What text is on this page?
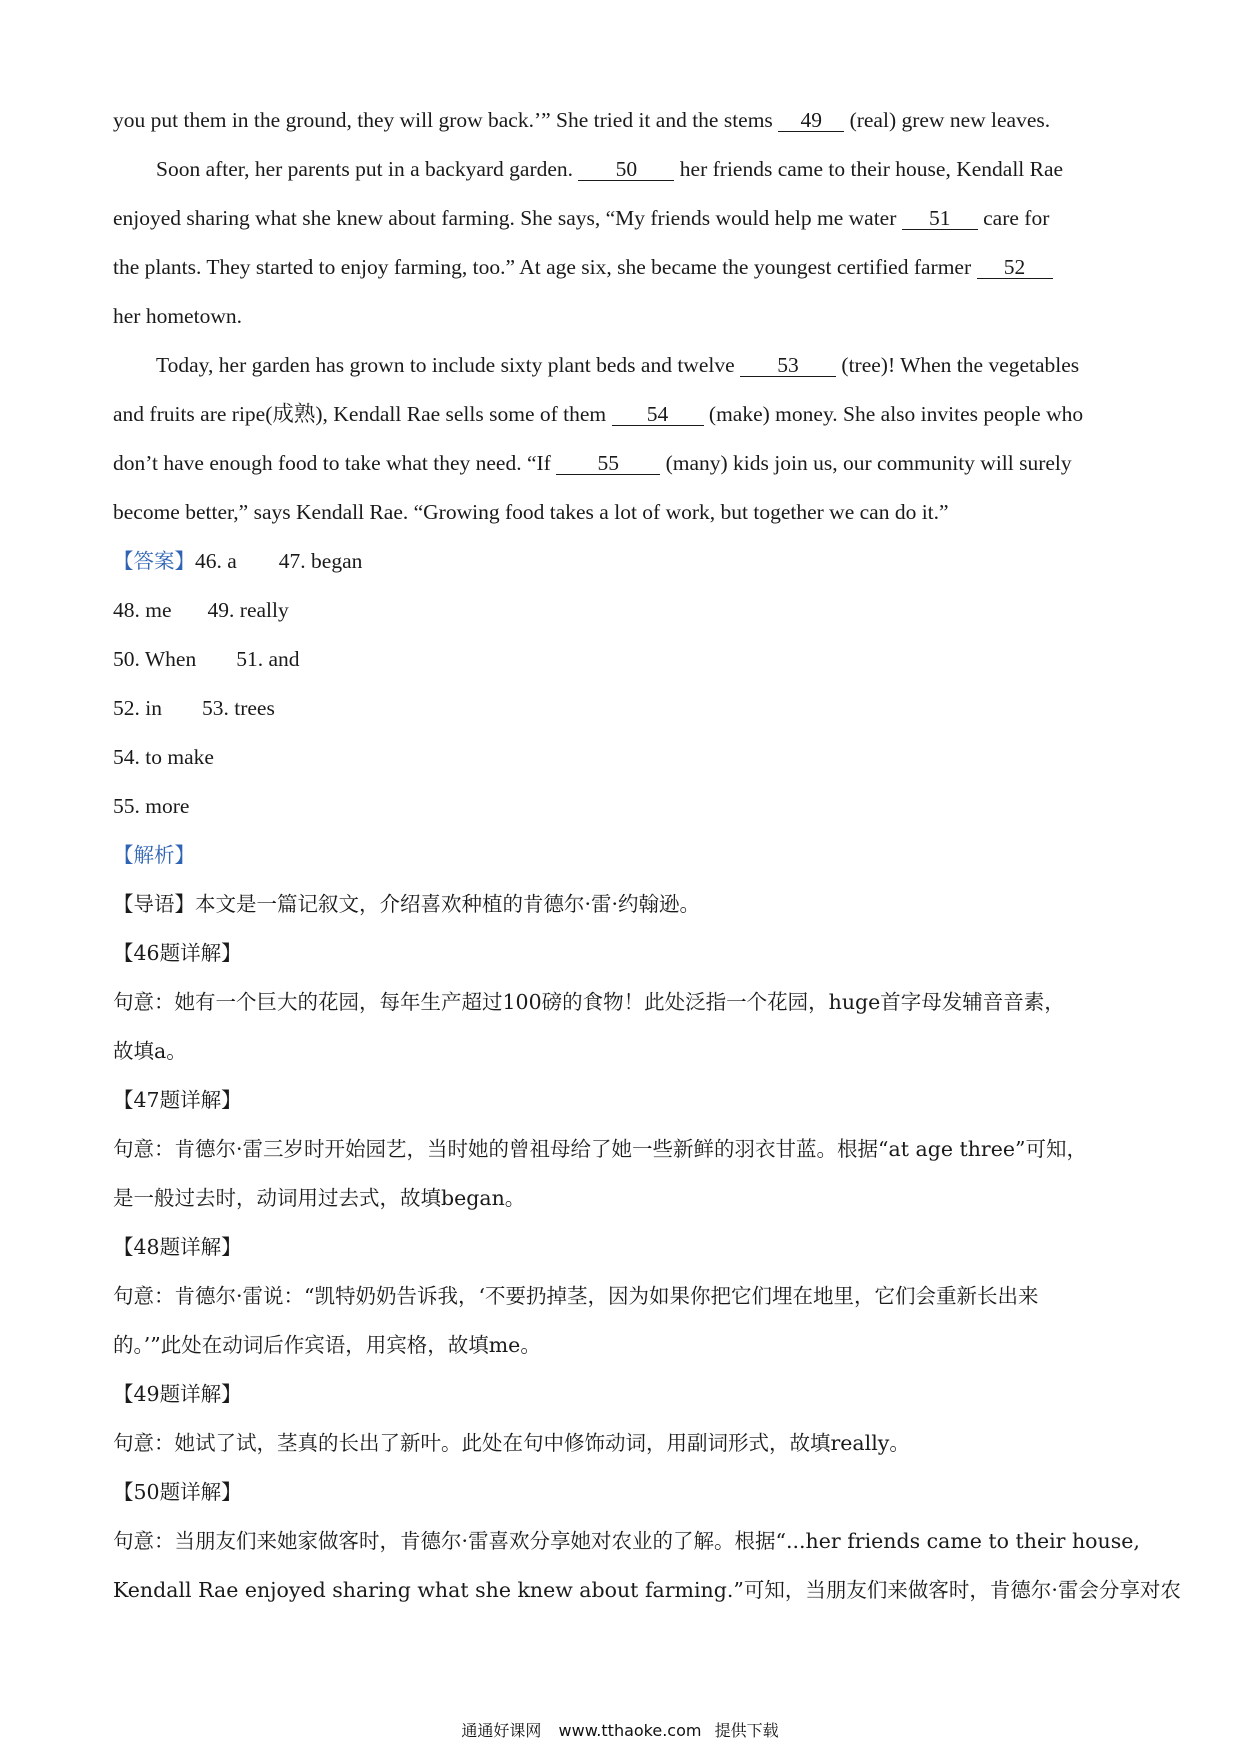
you put them in the ground, they will grow back.’” She tried it and the stems 49 (real) grew new leaves.
Soon after, her parents put in a backyard garden. 50 her friends came to their house, Kendall Rae
enjoyed sharing what she knew about farming. She says, “My friends would help me water 51 care for
the plants. They started to enjoy farming, too.” At age six, she became the youngest certified farmer 52
her hometown.
Today, her garden has grown to include sixty plant beds and twelve 53 (tree)! When the vegetables
and fruits are ripe(成熟), Kendall Rae sells some of them 54 (make) money. She also invites people who
don’t have enough food to take what they need. “If 55 (many) kids join us, our community will surely
become better,” says Kendall Rae. “Growing food takes a lot of work, but together we can do it.”
【答案】46. a 47. began
48. me 49. really
50. When 51. and
52. in 53. trees
54. to make
55. more
【解析】
【导语】本文是一篇记叙文，介绍喜欢种植的肯德尔·雷·约翰逊。
【46题详解】
句意：她有一个巨大的花园，每年生产超过100磅的食物！此处泛指一个花园，huge首字母发辅音音素，
故填a。
【47题详解】
句意：肯德尔·雷三岁时开始园艺，当时她的曾祖母给了她一些新鲜的羽衣甘蓝。根据“at age three”可知，
是一般过去时，动词用过去式，故填began。
【48题详解】
句意：肯德尔·雷说：“凯特奶奶告诉我，‘不要扔掉茎，因为如果你把它们埋在地里，它们会重新长出来
的。’”此处在动词后作宾语，用宾格，故填me。
【49题详解】
句意：她试了试，茎真的长出了新叶。此处在句中修饰动词，用副词形式，故填really。
【50题详解】
句意：当朋友们来她家做客时，肯德尔·雷喜欢分享她对农业的了解。根据“...her friends came to their house,
Kendall Rae enjoyed sharing what she knew about farming.”可知，当朋友们来做客时，肯德尔·雷会分享对农
通通好课网 www.tthaoke.com 提供下载
